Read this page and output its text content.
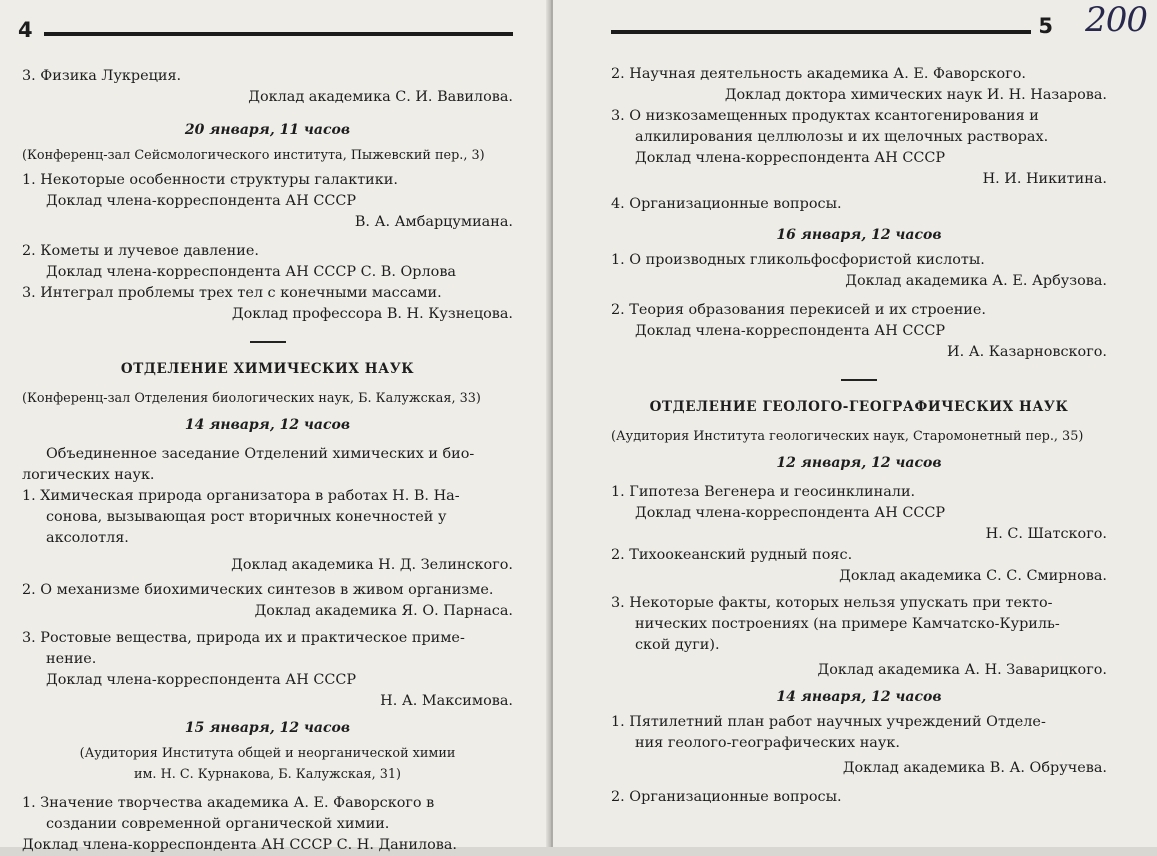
4

3. Физика Лукреция.

Доклад академика С. И. Вавилова.

20 января, 11 часов

(Конференц-зал Сейсмологического института, Пыжевский пер., 3)

1. Некоторые особенности структуры галактики.

Доклад члена-корреспондента АН СССР

В. А. Амбарцумиана.

2. Кометы и лучевое давление.

Доклад члена-корреспондента АН СССР С. В. Орлова

3. Интеграл проблемы трех тел с конечными массами.

Доклад профессора В. Н. Кузнецова.

ОТДЕЛЕНИЕ ХИМИЧЕСКИХ НАУК

(Конференц-зал Отделения биологических наук, Б. Калужская, 33)

14 января, 12 часов

Объединенное заседание Отделений химических и био-

логических наук.

1. Химическая природа организатора в работах Н. В. На-

сонова, вызывающая рост вторичных конечностей у

аксолотля.

Доклад академика Н. Д. Зелинского.

2. О механизме биохимических синтезов в живом организме.

Доклад академика Я. О. Парнаса.

3. Ростовые вещества, природа их и практическое приме-

нение.

Доклад члена-корреспондента АН СССР

Н. А. Максимова.

15 января, 12 часов

(Аудитория Института общей и неорганической химии

им. Н. С. Курнакова, Б. Калужская, 31)

1. Значение творчества академика А. Е. Фаворского в

создании современной органической химии.

Доклад члена-корреспондента АН СССР С. Н. Данилова.

5 200

2. Научная деятельность академика А. Е. Фаворского.

Доклад доктора химических наук И. Н. Назарова.

3. О низкозамещенных продуктах ксантогенирования и

алкилирования целлюлозы и их щелочных растворах.

Доклад члена-корреспондента АН СССР

Н. И. Никитина.

4. Организационные вопросы.

16 января, 12 часов

1. О производных гликольфосфористой кислоты.

Доклад академика А. Е. Арбузова.

2. Теория образования перекисей и их строение.

Доклад члена-корреспондента АН СССР

И. А. Казарновского.

ОТДЕЛЕНИЕ ГЕОЛОГО-ГЕОГРАФИЧЕСКИХ НАУК

(Аудитория Института геологических наук, Старомонетный пер., 35)

12 января, 12 часов

1. Гипотеза Вегенера и геосинклинали.

Доклад члена-корреспондента АН СССР

Н. С. Шатского.

2. Тихоокеанский рудный пояс.

Доклад академика С. С. Смирнова.

3. Некоторые факты, которых нельзя упускать при текто-

нических построениях (на примере Камчатско-Куриль-

ской дуги).

Доклад академика А. Н. Заварицкого.

14 января, 12 часов

1. Пятилетний план работ научных учреждений Отделе-

ния геолого-географических наук.

Доклад академика В. А. Обручева.

2. Организационные вопросы.
